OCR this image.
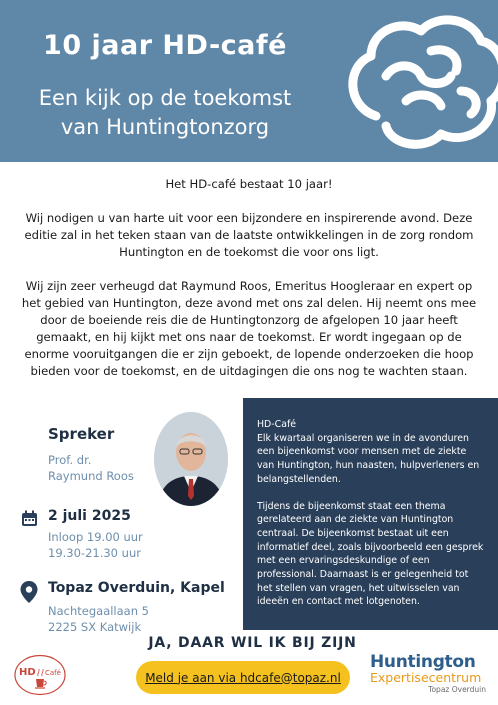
10 jaar HD-café
Een kijk op de toekomst
van Huntingtonzorg

Het HD-café bestaat 10 jaar!

Wij nodigen u van harte uit voor een bijzondere en inspirerende avond. Deze editie zal in het teken staan van de laatste ontwikkelingen in de zorg rondom Huntington en de toekomst die voor ons ligt.

Wij zijn zeer verheugd dat Raymund Roos, Emeritus Hoogleraar en expert op het gebied van Huntington, deze avond met ons zal delen. Hij neemt ons mee door de boeiende reis die de Huntingtonzorg de afgelopen 10 jaar heeft gemaakt, en hij kijkt met ons naar de toekomst. Er wordt ingegaan op de enorme vooruitgangen die er zijn geboekt, de lopende onderzoeken die hoop bieden voor de toekomst, en de uitdagingen die ons nog te wachten staan.

Spreker
Prof. dr.
Raymund Roos
2 juli 2025
Inloop 19.00 uur
19.30-21.30 uur
Topaz Overduin, Kapel
Nachtegaallaan 5
2225 SX Katwijk
HD-Café

Elk kwartaal organiseren we in de avonduren een bijeenkomst voor mensen met de ziekte van Huntington, hun naasten, hulpverleners en belangstellenden.

Tijdens de bijeenkomst staat een thema gerelateerd aan de ziekte van Huntington centraal. De bijeenkomst bestaat uit een informatief deel, zoals bijvoorbeeld een gesprek met een ervaringsdeskundige of een professional. Daarnaast is er gelegenheid tot het stellen van vragen, het uitwisselen van ideeën en contact met lotgenoten.

JA, DAAR WIL IK BIJ ZIJN
Meld je aan via hdcafe@topaz.nl
HD Café
Huntington
Expertisecentrum
Topaz Overduin
